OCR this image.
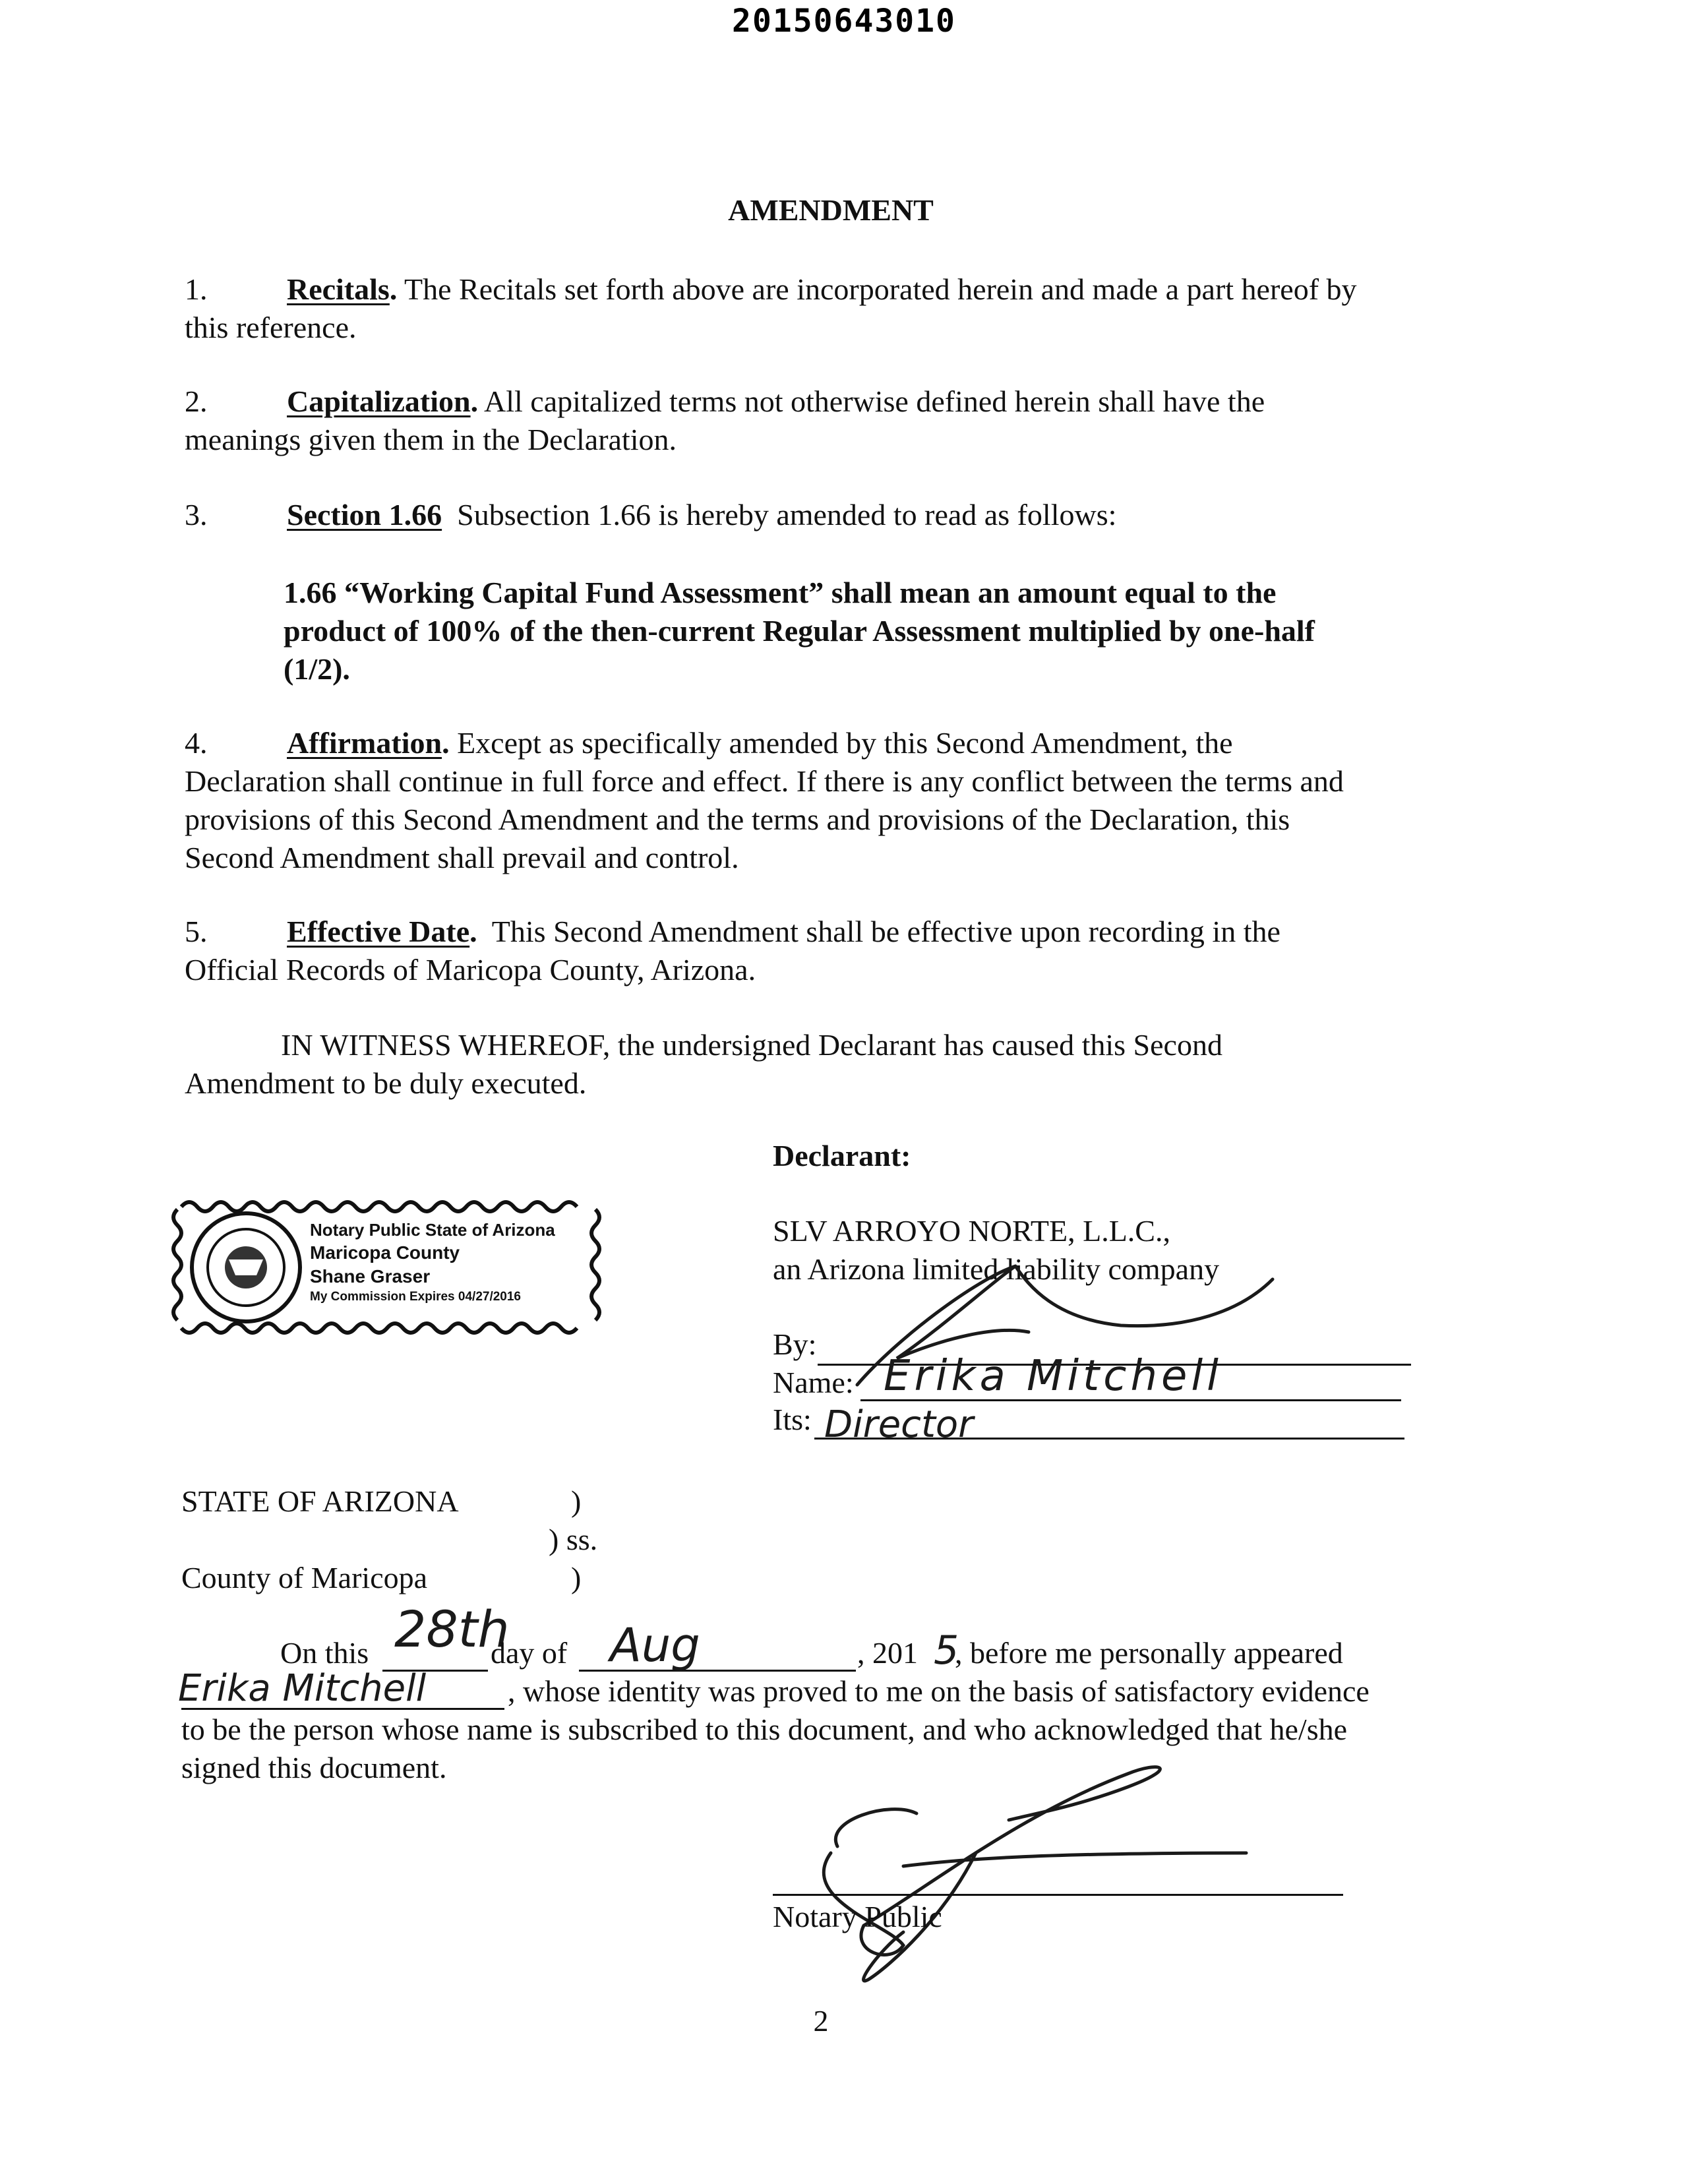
20150643010
AMENDMENT
1.	Recitals. The Recitals set forth above are incorporated herein and made a part hereof by
this reference.
2.	Capitalization. All capitalized terms not otherwise defined herein shall have the
meanings given them in the Declaration.
3.	Section 1.66 Subsection 1.66 is hereby amended to read as follows:
1.66 “Working Capital Fund Assessment” shall mean an amount equal to the
product of 100% of the then-current Regular Assessment multiplied by one-half
(1/2).
4.	Affirmation. Except as specifically amended by this Second Amendment, the
Declaration shall continue in full force and effect. If there is any conflict between the terms and
provisions of this Second Amendment and the terms and provisions of the Declaration, this
Second Amendment shall prevail and control.
5.	Effective Date. This Second Amendment shall be effective upon recording in the
Official Records of Maricopa County, Arizona.
IN WITNESS WHEREOF, the undersigned Declarant has caused this Second
Amendment to be duly executed.
Declarant:
SLV ARROYO NORTE, L.L.C.,
an Arizona limited liability company
By:
Name:
Its:
Erika Mitchell
Director
Notary Public State of Arizona
Maricopa County
Shane Graser
My Commission Expires 04/27/2016
STATE OF ARIZONA	)
) ss.
County of Maricopa	)
On this 28th
day of Aug	, 201 5
, before me personally appeared
Erika Mitchell	, whose identity was proved to me on the basis of satisfactory evidence
to be the person whose name is subscribed to this document, and who acknowledged that he/she
signed this document.
Notary Public
2
